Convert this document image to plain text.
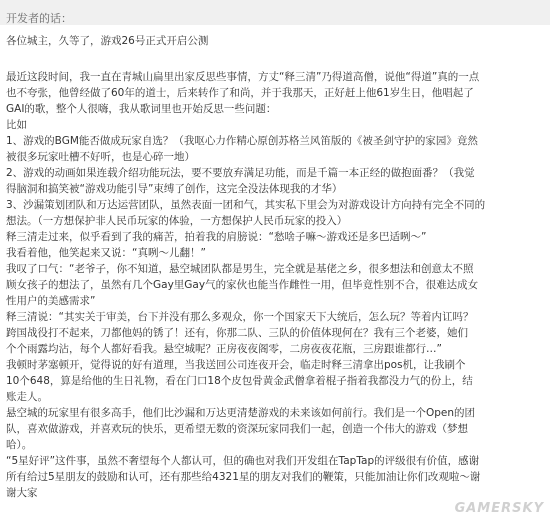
开发者的话：
各位城主，久等了，游戏26号正式开启公测
最近这段时间，我一直在青城山扁里出家反思些事情，方丈“释三清”乃得道高僧，说他“得道”真的一点
也不夸张，他曾经做了60年的道士，后来转作了和尚，并于我那天，正好赶上他61岁生日，他唱起了
GAI的歌，整个人很嗨，我从歌词里也开始反思一些问题：
比如
1、游戏的BGM能否做成玩家自选？（我呕心力作精心原创苏格兰风笛版的《被圣剑守护的家园》竟然
被很多玩家吐槽不好听，也是心碎一地）
2、游戏的动画如果连载介绍功能玩法，要不要放弃满足功能，而是千篇一本正经的做抱面番？（我觉
得脑洞和搞笑被“游戏功能引导”束缚了创作，这完全没法体现我的才华）
3、沙漏策划团队和万达运营团队，虽然表面一团和气，其实私下里会为对游戏设计方向持有完全不同的
想法。（一方想保护非人民币玩家的体验，一方想保护人民币玩家的投入）
释三清走过来，似乎看到了我的痛苦，拍着我的肩膀说：“愁啥子嘛～游戏还是多巴适咧～”
我看着他，他笑起来又说：“真咧～儿翻！”
我叹了口气：“老爷子，你不知道，悬空城团队都是男生，完全就是基佬之乡，很多想法和创意太不照
顾女孩子的想法了，虽然有几个Gay里Gay气的家伙也能当作雌性一用，但毕竟性别不合，很难达成女
性用户的美感需求”
释三清说：“其实关于审美，台下并没有那么多观众，你一个国家天下大统后，怎么玩？等着内讧吗？
跨国战役打不起来，刀都他妈的锈了！还有，你那二队、三队的价值体现何在？我有三个老婆，她们
个个雨露均沾，每个人都好看我。悬空城呢？正房夜夜阁零，二房夜夜花瓶，三房跟谁都行…”
我顿时茅塞顿开，觉得说的好有道理，当我送回公司连夜开会，临走时释三清拿出pos机，让我刷个
10个648，算是给他的生日礼物，看在门口18个皮包骨黄金武僧拿着棍子指着我都没力气的份上，结
账走人。
悬空城的玩家里有很多高手，他们比沙漏和万达更清楚游戏的未来该如何前行。我们是一个Open的团
队，喜欢做游戏，并喜欢玩的快乐，更希望无数的资深玩家同我们一起，创造一个伟大的游戏（梦想
哈）。
“5星好评”这件事，虽然不奢望每个人都认可，但的确也对我们开发组在TapTap的评级很有价值，感谢
所有给过5星朋友的鼓励和认可，还有那些给4321星的朋友对我们的鞭策，只能加油让你们改观啦～谢
谢大家
GAMERSKY
